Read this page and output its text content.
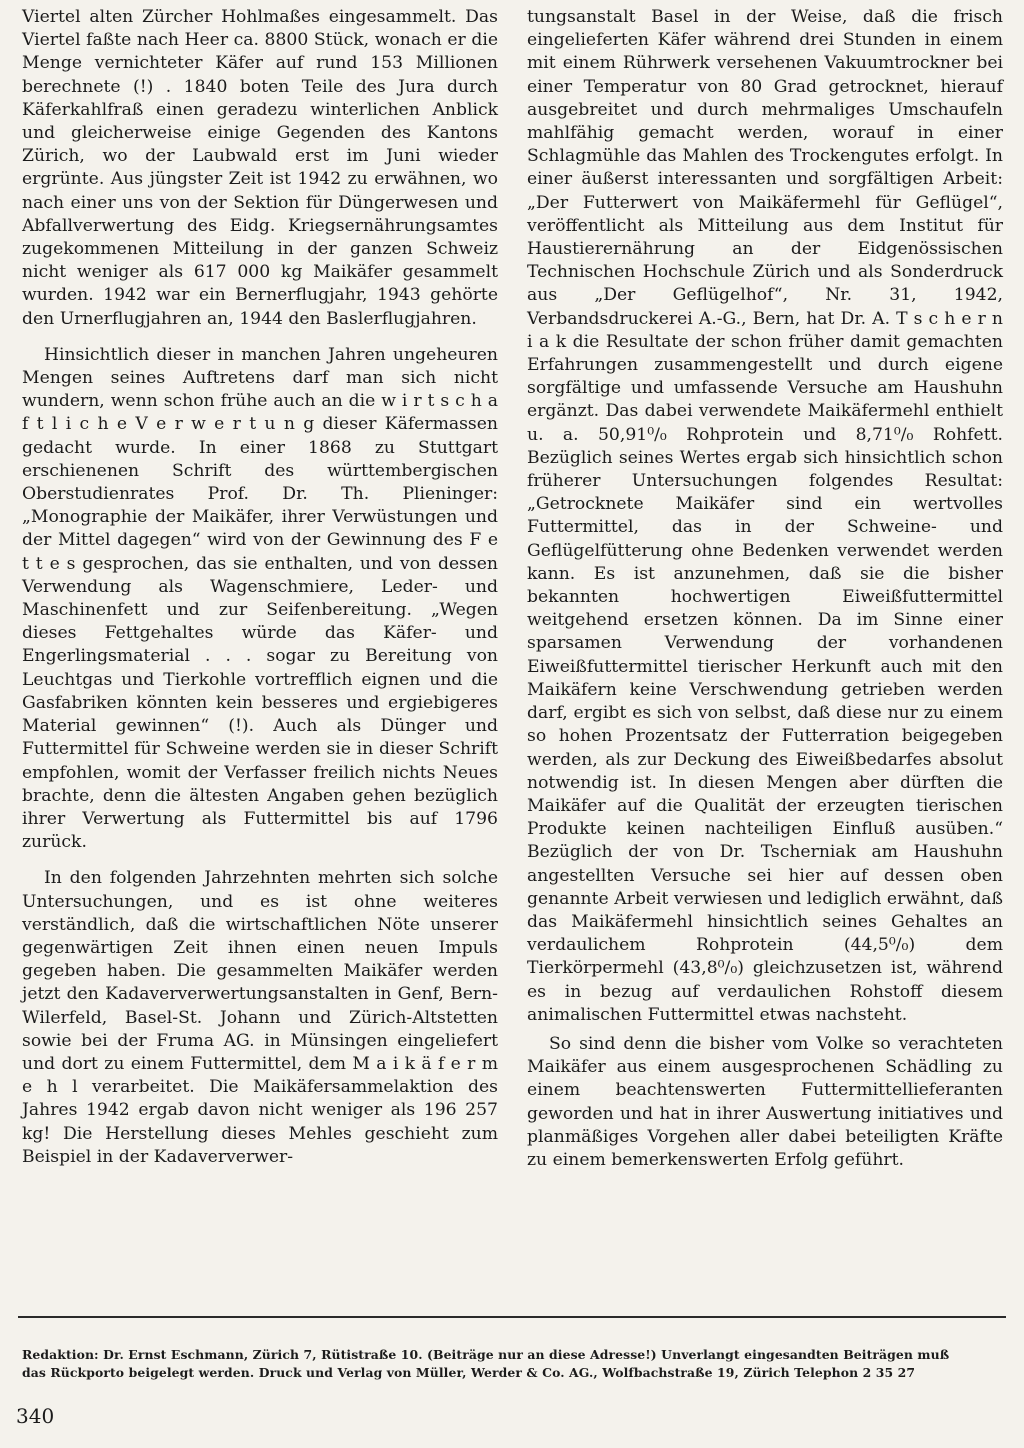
Viertel alten Zürcher Hohlmaßes eingesammelt. Das Viertel faßte nach Heer ca. 8800 Stück, wonach er die Menge vernichteter Käfer auf rund 153 Millionen berechnete (!) . 1840 boten Teile des Jura durch Käferkahlfraß einen geradezu winterlichen Anblick und gleicherweise einige Gegenden des Kantons Zürich, wo der Laubwald erst im Juni wieder ergrünte. Aus jüngster Zeit ist 1942 zu erwähnen, wo nach einer uns von der Sektion für Düngerwesen und Abfallverwertung des Eidg. Kriegsernährungsamtes zugekommenen Mitteilung in der ganzen Schweiz nicht weniger als 617 000 kg Maikäfer gesammelt wurden. 1942 war ein Bernerflugjahr, 1943 gehörte den Urnerflugjahren an, 1944 den Baslerflugjahren.

Hinsichtlich dieser in manchen Jahren ungeheuren Mengen seines Auftretens darf man sich nicht wundern, wenn schon frühe auch an die w i r t s c h a f t l i c h e V e r w e r t u n g dieser Käfermassen gedacht wurde. In einer 1868 zu Stuttgart erschienenen Schrift des württembergischen Oberstudienrates Prof. Dr. Th. Plieninger: „Monographie der Maikäfer, ihrer Verwüstungen und der Mittel dagegen“ wird von der Gewinnung des F e t t e s gesprochen, das sie enthalten, und von dessen Verwendung als Wagenschmiere, Leder- und Maschinenfett und zur Seifenbereitung. „Wegen dieses Fettgehaltes würde das Käfer- und Engerlingsmaterial . . . sogar zu Bereitung von Leuchtgas und Tierkohle vortrefflich eignen und die Gasfabriken könnten kein besseres und ergiebigeres Material gewinnen“ (!). Auch als Dünger und Futtermittel für Schweine werden sie in dieser Schrift empfohlen, womit der Verfasser freilich nichts Neues brachte, denn die ältesten Angaben gehen bezüglich ihrer Verwertung als Futtermittel bis auf 1796 zurück.

In den folgenden Jahrzehnten mehrten sich solche Untersuchungen, und es ist ohne weiteres verständlich, daß die wirtschaftlichen Nöte unserer gegenwärtigen Zeit ihnen einen neuen Impuls gegeben haben. Die gesammelten Maikäfer werden jetzt den Kadaververwertungsanstalten in Genf, Bern-Wilerfeld, Basel-St. Johann und Zürich-Altstetten sowie bei der Fruma AG. in Münsingen eingeliefert und dort zu einem Futtermittel, dem M a i k ä f e r m e h l verarbeitet. Die Maikäfersammelaktion des Jahres 1942 ergab davon nicht weniger als 196 257 kg! Die Herstellung dieses Mehles geschieht zum Beispiel in der Kadaververwer-

tungsanstalt Basel in der Weise, daß die frisch eingelieferten Käfer während drei Stunden in einem mit einem Rührwerk versehenen Vakuumtrockner bei einer Temperatur von 80 Grad getrocknet, hierauf ausgebreitet und durch mehrmaliges Umschaufeln mahlfähig gemacht werden, worauf in einer Schlagmühle das Mahlen des Trockengutes erfolgt. In einer äußerst interessanten und sorgfältigen Arbeit: „Der Futterwert von Maikäfermehl für Geflügel“, veröffentlicht als Mitteilung aus dem Institut für Haustierernährung an der Eidgenössischen Technischen Hochschule Zürich und als Sonderdruck aus „Der Geflügelhof“, Nr. 31, 1942, Verbandsdruckerei A.-G., Bern, hat Dr. A. T s c h e r n i a k die Resultate der schon früher damit gemachten Erfahrungen zusammengestellt und durch eigene sorgfältige und umfassende Versuche am Haushuhn ergänzt. Das dabei verwendete Maikäfermehl enthielt u. a. 50,91⁰/₀ Rohprotein und 8,71⁰/₀ Rohfett. Bezüglich seines Wertes ergab sich hinsichtlich schon früherer Untersuchungen folgendes Resultat: „Getrocknete Maikäfer sind ein wertvolles Futtermittel, das in der Schweine- und Geflügelfütterung ohne Bedenken verwendet werden kann. Es ist anzunehmen, daß sie die bisher bekannten hochwertigen Eiweißfuttermittel weitgehend ersetzen können. Da im Sinne einer sparsamen Verwendung der vorhandenen Eiweißfuttermittel tierischer Herkunft auch mit den Maikäfern keine Verschwendung getrieben werden darf, ergibt es sich von selbst, daß diese nur zu einem so hohen Prozentsatz der Futterration beigegeben werden, als zur Deckung des Eiweißbedarfes absolut notwendig ist. In diesen Mengen aber dürften die Maikäfer auf die Qualität der erzeugten tierischen Produkte keinen nachteiligen Einfluß ausüben.“ Bezüglich der von Dr. Tscherniak am Haushuhn angestellten Versuche sei hier auf dessen oben genannte Arbeit verwiesen und lediglich erwähnt, daß das Maikäfermehl hinsichtlich seines Gehaltes an verdaulichem Rohprotein (44,5⁰/₀) dem Tierkörpermehl (43,8⁰/₀) gleichzusetzen ist, während es in bezug auf verdaulichen Rohstoff diesem animalischen Futtermittel etwas nachsteht.

So sind denn die bisher vom Volke so verachteten Maikäfer aus einem ausgesprochenen Schädling zu einem beachtenswerten Futtermittellieferanten geworden und hat in ihrer Auswertung initiatives und planmäßiges Vorgehen aller dabei beteiligten Kräfte zu einem bemerkenswerten Erfolg geführt.

Redaktion: Dr. Ernst Eschmann, Zürich 7, Rütistraße 10. (Beiträge nur an diese Adresse!) Unverlangt eingesandten Beiträgen muß
das Rückporto beigelegt werden. Druck und Verlag von Müller, Werder & Co. AG., Wolfbachstraße 19, Zürich Telephon 2 35 27
340
